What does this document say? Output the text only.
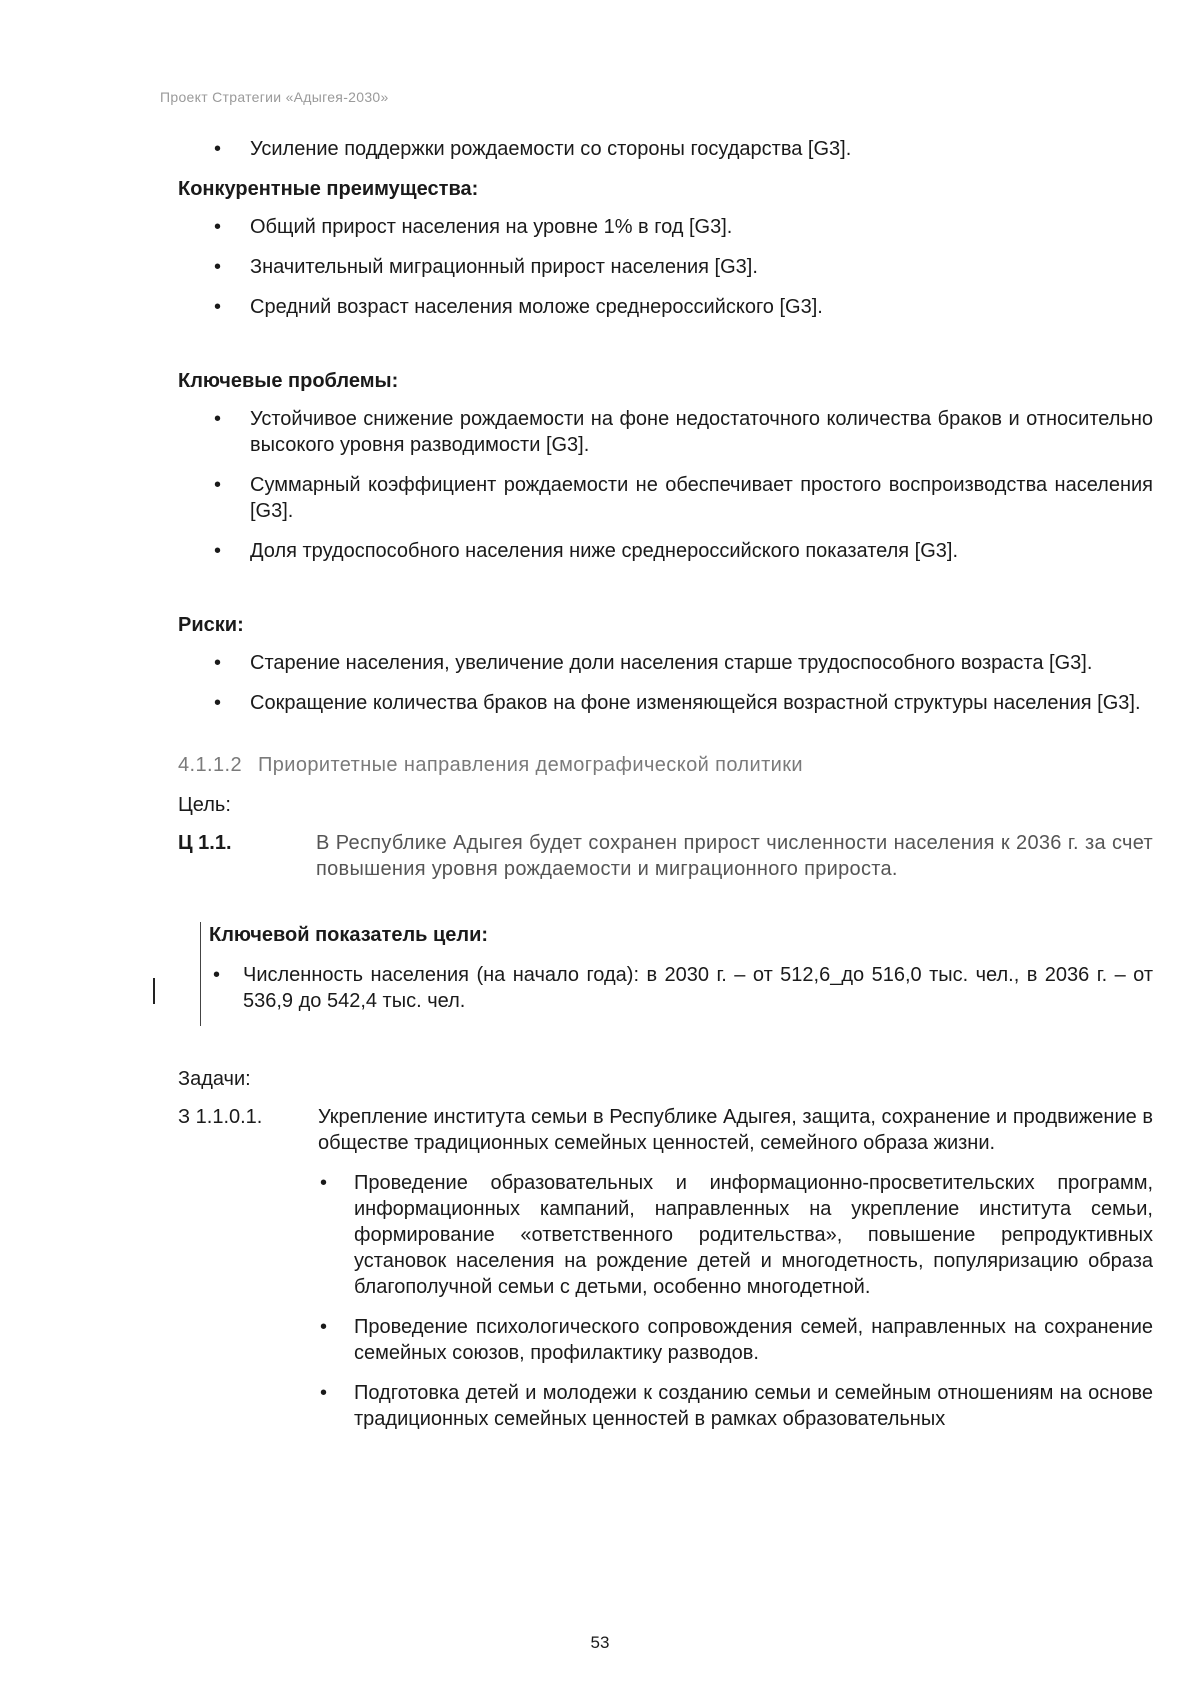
Проект Стратегии «Адыгея-2030»
• Усиление поддержки рождаемости со стороны государства [G3].
Конкурентные преимущества:
• Общий прирост населения на уровне 1% в год [G3].
• Значительный миграционный прирост населения [G3].
• Средний возраст населения моложе среднероссийского [G3].
Ключевые проблемы:
• Устойчивое снижение рождаемости на фоне недостаточного количества браков и относительно высокого уровня разводимости [G3].
• Суммарный коэффициент рождаемости не обеспечивает простого воспроизводства населения [G3].
• Доля трудоспособного населения ниже среднероссийского показателя [G3].
Риски:
• Старение населения, увеличение доли населения старше трудоспособного возраста [G3].
• Сокращение количества браков на фоне изменяющейся возрастной структуры населения [G3].
4.1.1.2 Приоритетные направления демографической политики
Цель:
Ц 1.1.	В Республике Адыгея будет сохранен прирост численности населения к 2036 г. за счет повышения уровня рождаемости и миграционного прироста.
Ключевой показатель цели:
• Численность населения (на начало года): в 2030 г. – от 512,6_до 516,0 тыс. чел., в 2036 г. – от 536,9 до 542,4 тыс. чел.
Задачи:
З 1.1.0.1.	Укрепление института семьи в Республике Адыгея, защита, сохранение и продвижение в обществе традиционных семейных ценностей, семейного образа жизни.
• Проведение образовательных и информационно-просветительских программ, информационных кампаний, направленных на укрепление института семьи, формирование «ответственного родительства», повышение репродуктивных установок населения на рождение детей и многодетность, популяризацию образа благополучной семьи с детьми, особенно многодетной.
• Проведение психологического сопровождения семей, направленных на сохранение семейных союзов, профилактику разводов.
• Подготовка детей и молодежи к созданию семьи и семейным отношениям на основе традиционных семейных ценностей в рамках образовательных
53
